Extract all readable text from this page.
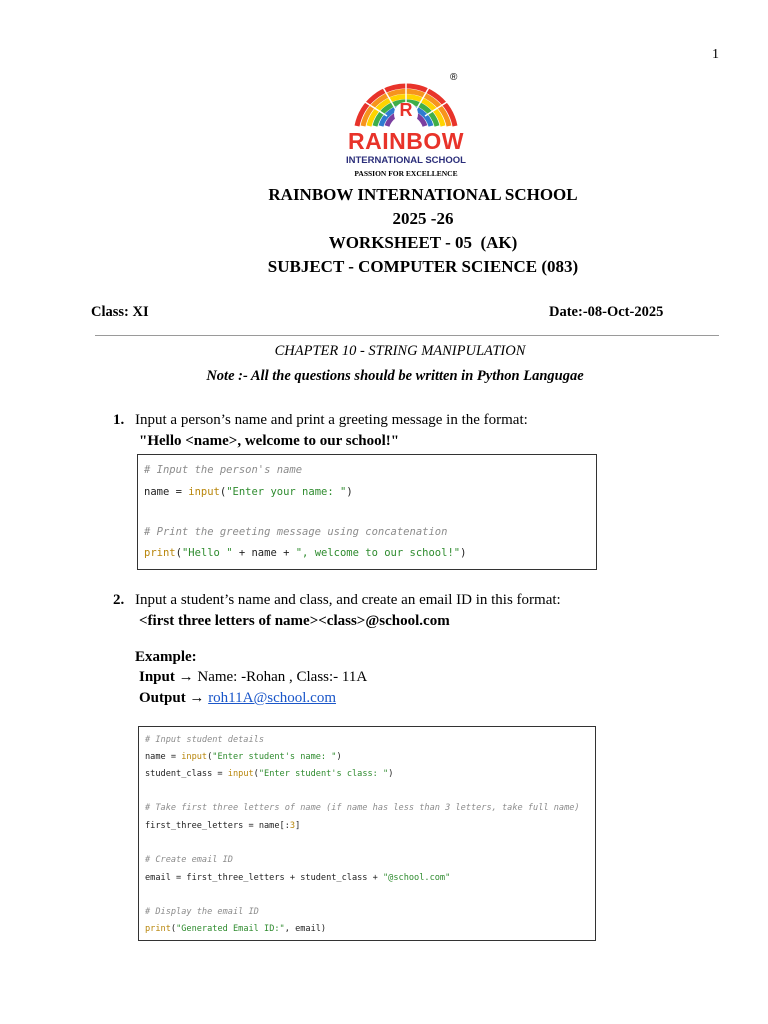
1
R
®
RAINBOW
INTERNATIONAL SCHOOL
PASSION FOR EXCELLENCE
RAINBOW INTERNATIONAL SCHOOL
2025 -26
WORKSHEET - 05  (AK)
SUBJECT - COMPUTER SCIENCE (083)
Class: XI	Date:-08-Oct-2025
CHAPTER 10 - STRING MANIPULATION
Note :- All the questions should be written in Python Langugae
1. Input a person’s name and print a greeting message in the format:
"Hello <name>, welcome to our school!"
# Input the person's name
name = input("Enter your name: ")
# Print the greeting message using concatenation
print("Hello " + name + ", welcome to our school!")
2. Input a student’s name and class, and create an email ID in this format:
<first three letters of name><class>@school.com
Example:
Input → Name: -Rohan , Class:- 11A
Output → roh11A@school.com
# Input student details
name = input("Enter student's name: ")
student_class = input("Enter student's class: ")
# Take first three letters of name (if name has less than 3 letters, take full name)
first_three_letters = name[:3]
# Create email ID
email = first_three_letters + student_class + "@school.com"
# Display the email ID
print("Generated Email ID:", email)
